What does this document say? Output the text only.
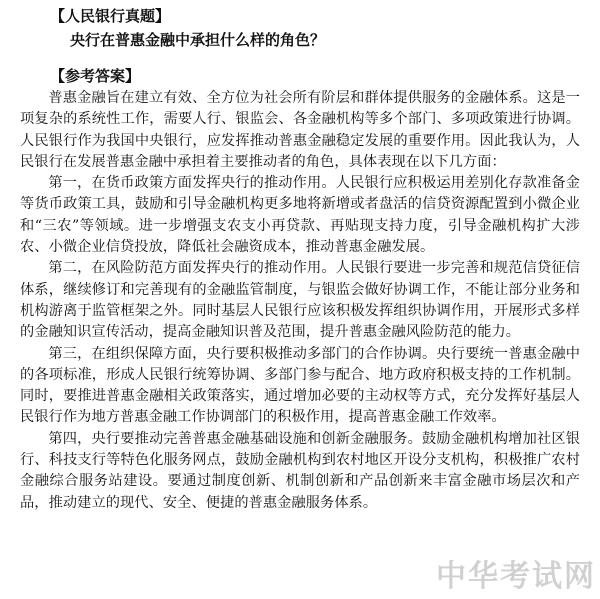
【人民银行真题】
央行在普惠金融中承担什么样的角色？
【参考答案】

普惠金融旨在建立有效、全方位为社会所有阶层和群体提供服务的金融体系。这是一项复杂的系统性工作，需要人行、银监会、各金融机构等多个部门、多项政策进行协调。人民银行作为我国中央银行，应发挥推动普惠金融稳定发展的重要作用。因此我认为，人民银行在发展普惠金融中承担着主要推动者的角色，具体表现在以下几方面：

第一，在货币政策方面发挥央行的推动作用。人民银行应积极运用差别化存款准备金等货币政策工具，鼓励和引导金融机构更多地将新增或者盘活的信贷资源配置到小微企业和“三农”等领域。进一步增强支农支小再贷款、再贴现支持力度，引导金融机构扩大涉农、小微企业信贷投放，降低社会融资成本，推动普惠金融发展。

第二，在风险防范方面发挥央行的推动作用。人民银行要进一步完善和规范信贷征信体系，继续修订和完善现有的金融监管制度，与银监会做好协调工作，不能让部分业务和机构游离于监管框架之外。同时基层人民银行应该积极发挥组织协调作用，开展形式多样的金融知识宣传活动，提高金融知识普及范围，提升普惠金融风险防范的能力。

第三，在组织保障方面，央行要积极推动多部门的合作协调。央行要统一普惠金融中的各项标准，形成人民银行统筹协调、多部门参与配合、地方政府积极支持的工作机制。同时，要推进普惠金融相关政策落实，通过增加必要的主动权等方式，充分发挥好基层人民银行作为地方普惠金融工作协调部门的积极作用，提高普惠金融工作效率。

第四，央行要推动完善普惠金融基础设施和创新金融服务。鼓励金融机构增加社区银行、科技支行等特色化服务网点，鼓励金融机构到农村地区开设分支机构，积极推广农村金融综合服务站建设。要通过制度创新、机制创新和产品创新来丰富金融市场层次和产品，推动建立的现代、安全、便捷的普惠金融服务体系。

中华考试网
